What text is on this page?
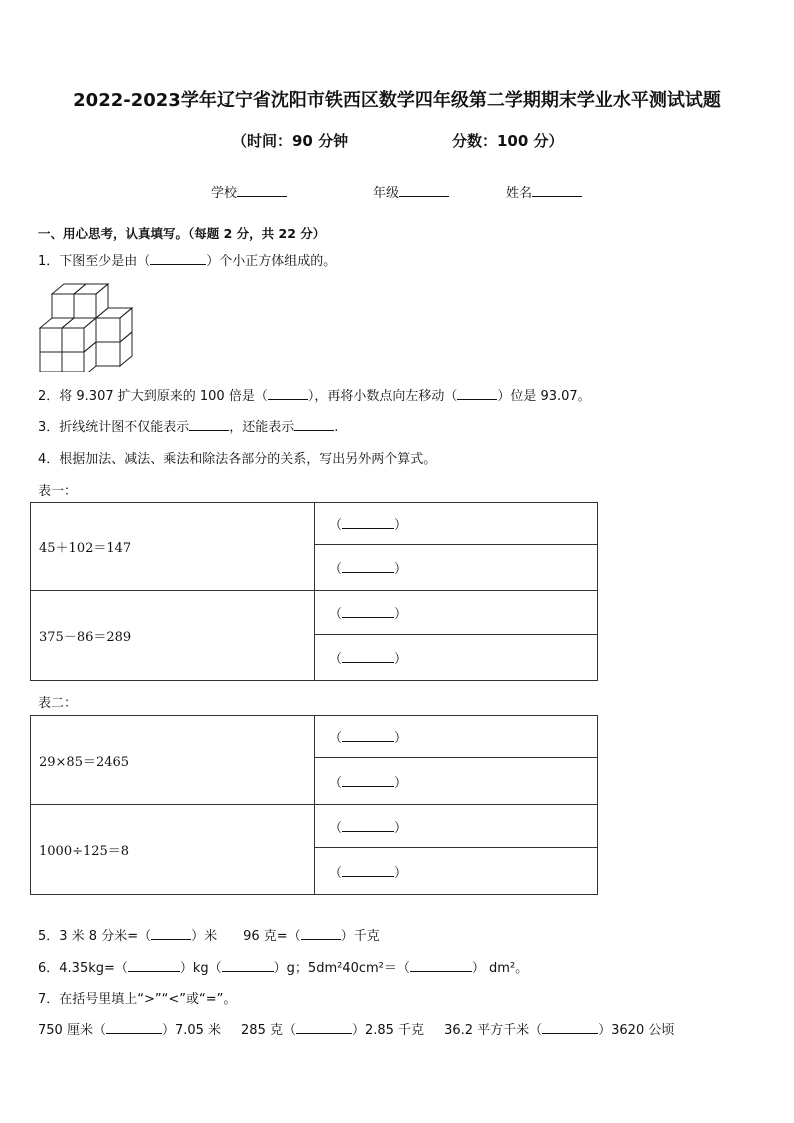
2022-2023学年辽宁省沈阳市铁西区数学四年级第二学期期末学业水平测试试题
（时间：90 分钟	分数：100 分）
学校	年级	姓名
一、用心思考，认真填写。（每题 2 分，共 22 分）
1．下图至少是由（	）个小正方体组成的。
2．将 9.307 扩大到原来的 100 倍是（	），再将小数点向左移动（	）位是 93.07。
3．折线统计图不仅能表示	，还能表示	.
4．根据加法、减法、乘法和除法各部分的关系，写出另外两个算式。
表一：
45＋102＝147	（ ）
	（ ）
375－86＝289	（ ）
	（ ）
表二：
29×85＝2465	（ ）
	（ ）
1000÷125＝8	（ ）
	（ ）
5．3 米 8 分米=（	）米 96 克=（	）千克
6．4.35kg=（	）kg（	）g；5dm²40cm²＝（	） dm²。
7．在括号里填上“>”“<”或“=”。
750 厘米（	）7.05 米 285 克（	）2.85 千克 36.2 平方千米（	）3620 公顷
